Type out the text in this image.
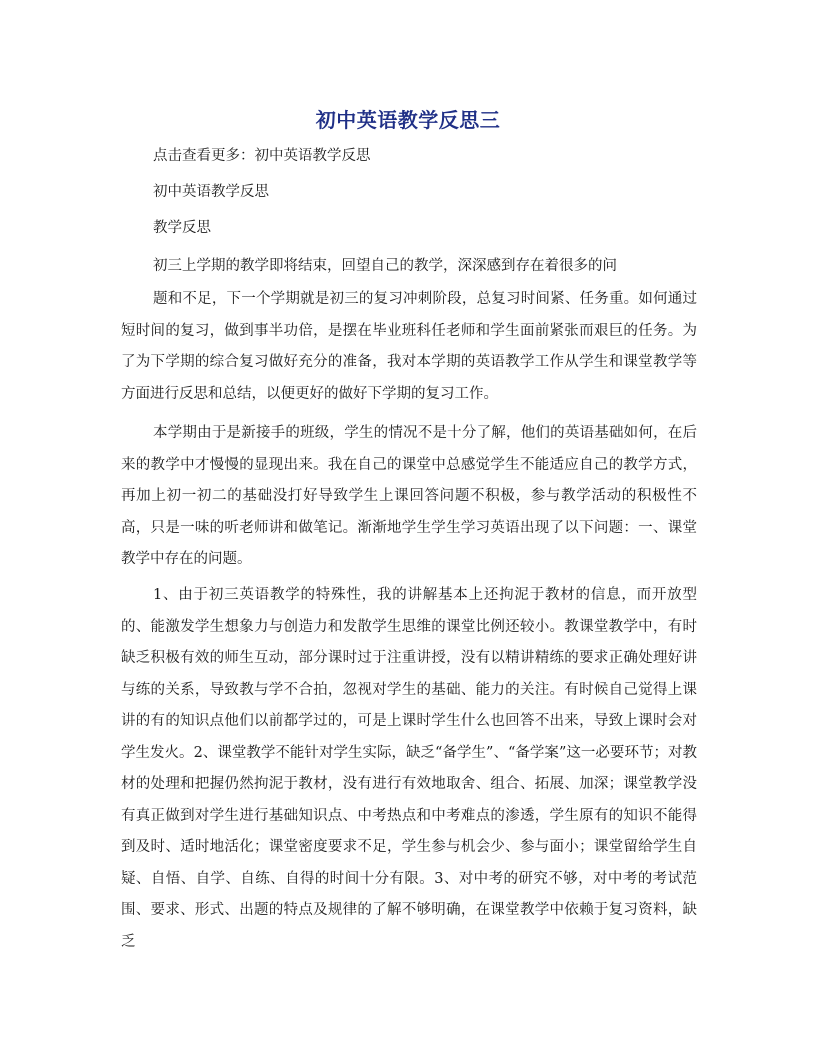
初中英语教学反思三
点击查看更多：初中英语教学反思
初中英语教学反思
教学反思
初三上学期的教学即将结束，回望自己的教学，深深感到存在着很多的问

题和不足，下一个学期就是初三的复习冲刺阶段，总复习时间紧、任务重。如何通过短时间的复习，做到事半功倍，是摆在毕业班科任老师和学生面前紧张而艰巨的任务。为了为下学期的综合复习做好充分的准备，我对本学期的英语教学工作从学生和课堂教学等方面进行反思和总结，以便更好的做好下学期的复习工作。

本学期由于是新接手的班级，学生的情况不是十分了解，他们的英语基础如何，在后来的教学中才慢慢的显现出来。我在自己的课堂中总感觉学生不能适应自己的教学方式，再加上初一初二的基础没打好导致学生上课回答问题不积极，参与教学活动的积极性不高，只是一味的听老师讲和做笔记。渐渐地学生学生学习英语出现了以下问题：一、课堂教学中存在的问题。

1、由于初三英语教学的特殊性，我的讲解基本上还拘泥于教材的信息，而开放型的、能激发学生想象力与创造力和发散学生思维的课堂比例还较小。教课堂教学中，有时缺乏积极有效的师生互动，部分课时过于注重讲授，没有以精讲精练的要求正确处理好讲与练的关系，导致教与学不合拍，忽视对学生的基础、能力的关注。有时候自己觉得上课讲的有的知识点他们以前都学过的，可是上课时学生什么也回答不出来，导致上课时会对学生发火。2、课堂教学不能针对学生实际，缺乏“备学生”、“备学案”这一必要环节；对教材的处理和把握仍然拘泥于教材，没有进行有效地取舍、组合、拓展、加深；课堂教学没有真正做到对学生进行基础知识点、中考热点和中考难点的渗透，学生原有的知识不能得到及时、适时地活化；课堂密度要求不足，学生参与机会少、参与面小；课堂留给学生自疑、自悟、自学、自练、自得的时间十分有限。3、对中考的研究不够，对中考的考试范围、要求、形式、出题的特点及规律的了解不够明确，在课堂教学中依赖于复习资料，缺乏
